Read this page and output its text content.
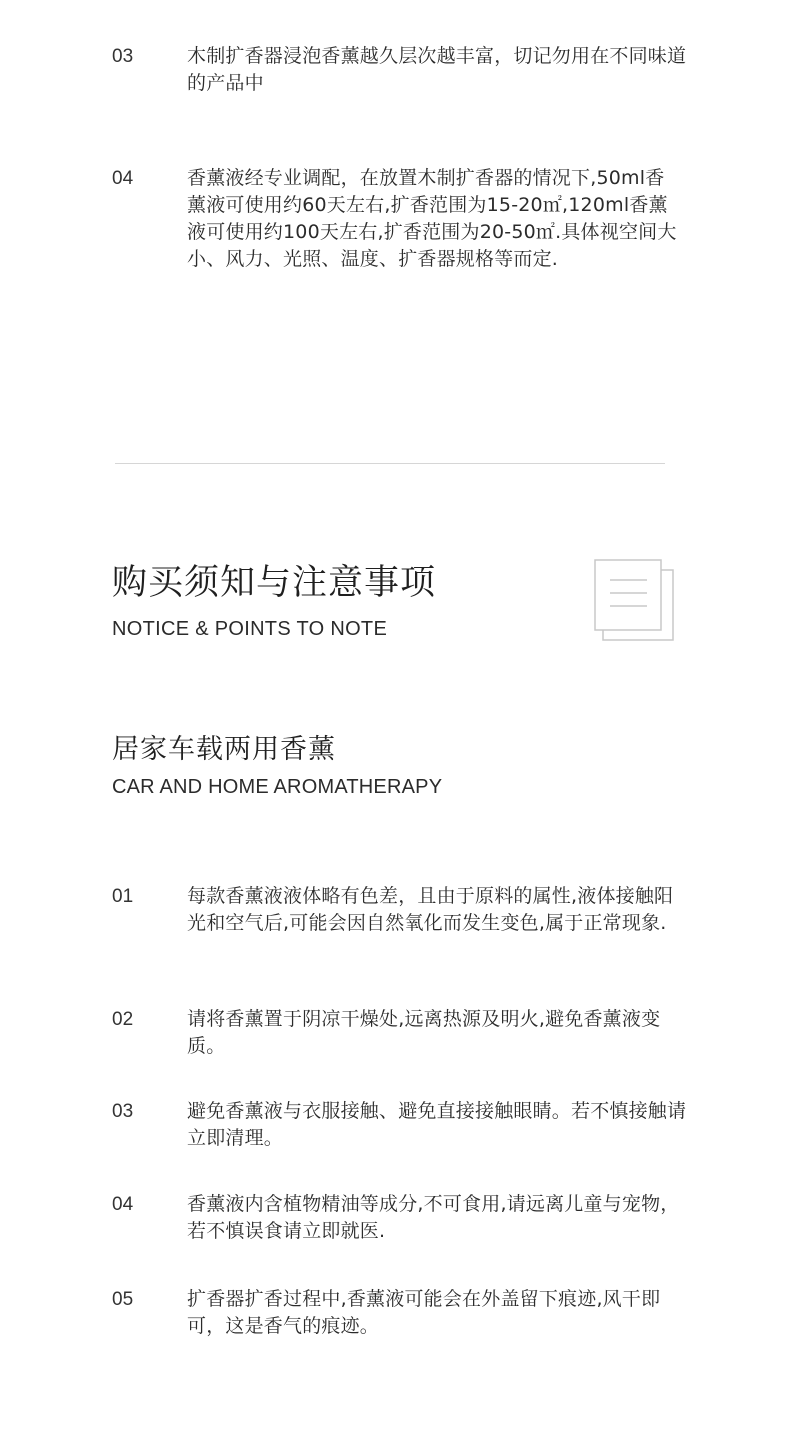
03	木制扩香器浸泡香薰越久层次越丰富，切记勿用在不同味道的产品中
04	香薰液经专业调配，在放置木制扩香器的情况下,50ml香薰液可使用约60天左右,扩香范围为15-20㎡,120ml香薰液可使用约100天左右,扩香范围为20-50㎡.具体视空间大小、风力、光照、温度、扩香器规格等而定.
购买须知与注意事项
NOTICE & POINTS TO NOTE
居家车载两用香薰
CAR AND HOME AROMATHERAPY
01	每款香薰液液体略有色差，且由于原料的属性,液体接触阳光和空气后,可能会因自然氧化而发生变色,属于正常现象.
02	请将香薰置于阴凉干燥处,远离热源及明火,避免香薰液变质。
03	避免香薰液与衣服接触、避免直接接触眼睛。若不慎接触请立即清理。
04	香薰液内含植物精油等成分,不可食用,请远离儿童与宠物，若不慎误食请立即就医.
05	扩香器扩香过程中,香薰液可能会在外盖留下痕迹,风干即可，这是香气的痕迹。
